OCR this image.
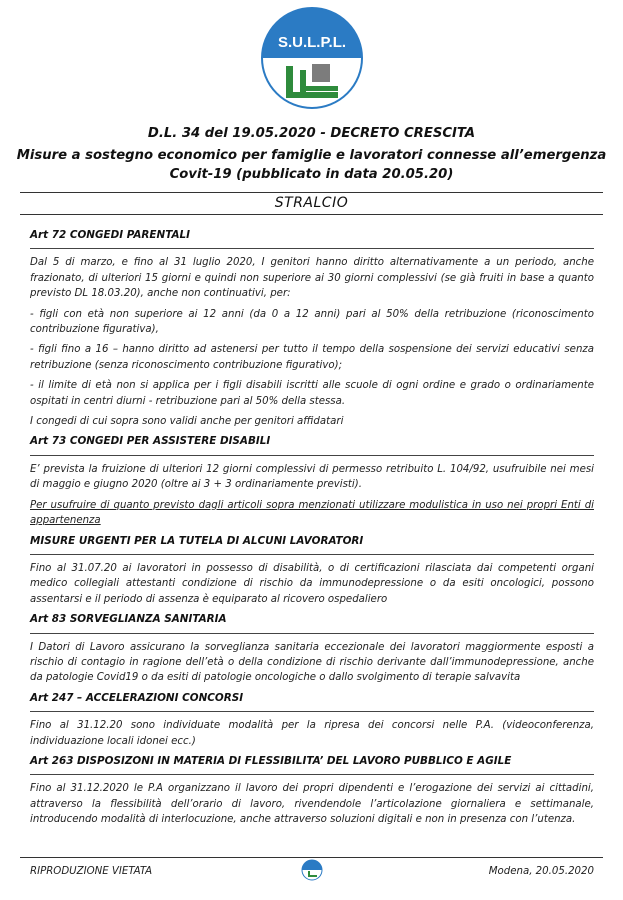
S.U.L.P.L.
D.L. 34 del 19.05.2020 - DECRETO CRESCITA
Misure a sostegno economico per famiglie e lavoratori connesse all’emergenza
Covit-19 (pubblicato in data 20.05.20)
STRALCIO
Art 72 CONGEDI PARENTALI

Dal 5 di marzo, e fino al 31 luglio 2020, I genitori hanno diritto alternativamente a un periodo, anche frazionato, di ulteriori 15 giorni e quindi non superiore ai 30 giorni complessivi (se già fruiti in base a quanto previsto DL 18.03.20), anche non continuativi, per:

- figli con età non superiore ai 12 anni (da 0 a 12 anni) pari al 50% della retribuzione (riconoscimento contribuzione figurativa),

- figli fino a 16 – hanno diritto ad astenersi per tutto il tempo della sospensione dei servizi educativi senza retribuzione (senza riconoscimento contribuzione figurativo);

- il limite di età non si applica per i figli disabili iscritti alle scuole di ogni ordine e grado o ordinariamente ospitati in centri diurni - retribuzione pari al 50% della stessa.

I congedi di cui sopra sono validi anche per genitori affidatari

Art 73 CONGEDI PER ASSISTERE DISABILI

E’ prevista la fruizione di ulteriori 12 giorni complessivi di permesso retribuito L. 104/92, usufruibile nei mesi di maggio e giugno 2020 (oltre ai 3 + 3 ordinariamente previsti).

Per usufruire di quanto previsto dagli articoli sopra menzionati utilizzare modulistica in uso nei propri Enti di appartenenza

MISURE URGENTI PER LA TUTELA DI ALCUNI LAVORATORI

Fino al 31.07.20 ai lavoratori in possesso di disabilità, o di certificazioni rilasciata dai competenti organi medico collegiali attestanti condizione di rischio da immunodepressione o da esiti oncologici, possono assentarsi e il periodo di assenza è equiparato al ricovero ospedaliero

Art 83 SORVEGLIANZA SANITARIA

I Datori di Lavoro assicurano la sorveglianza sanitaria eccezionale dei lavoratori maggiormente esposti a rischio di contagio in ragione dell’età o della condizione di rischio derivante dall’immunodepressione, anche da patologie Covid19 o da esiti di patologie oncologiche o dallo svolgimento di terapie salvavita

Art 247 – ACCELERAZIONI CONCORSI

Fino al 31.12.20 sono individuate modalità per la ripresa dei concorsi nelle P.A. (videoconferenza, individuazione locali idonei ecc.)

Art 263 DISPOSIZONI IN MATERIA DI FLESSIBILITA’ DEL LAVORO PUBBLICO E AGILE

Fino al 31.12.2020 le P.A organizzano il lavoro dei propri dipendenti e l’erogazione dei servizi ai cittadini, attraverso la flessibilità dell’orario di lavoro, rivendendole l’articolazione giornaliera e settimanale, introducendo modalità di interlocuzione, anche attraverso soluzioni digitali e non in presenza con l’utenza.

RIPRODUZIONE VIETATA	Modena, 20.05.2020
